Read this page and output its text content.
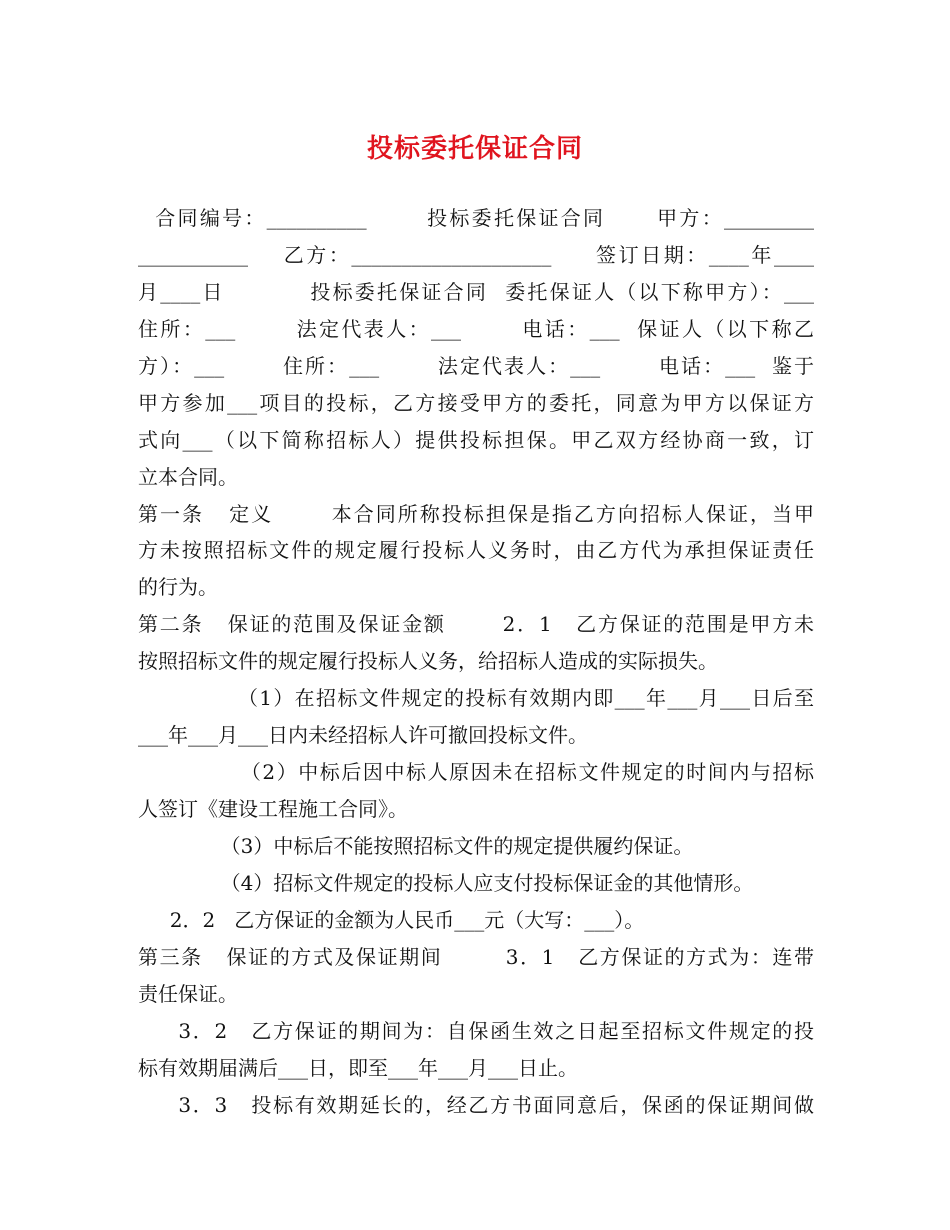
投标委托保证合同
合同编号：__________       投标委托保证合同      甲方：_________
___________    乙方：____________________     签订日期：____年____
月____日          投标委托保证合同  委托保证人（以下称甲方）：___
住所：___       法定代表人：___       电话：___  保证人（以下称乙
方）：___       住所：___       法定代表人：___       电话：___  鉴于
甲方参加___项目的投标，乙方接受甲方的委托，同意为甲方以保证方
式向___（以下简称招标人）提供投标担保。甲乙双方经协商一致，订
立本合同。
第一条   定义       本合同所称投标担保是指乙方向招标人保证，当甲
方未按照招标文件的规定履行投标人义务时，由乙方代为承担保证责任
的行为。
第二条   保证的范围及保证金额       2．1   乙方保证的范围是甲方未
按照招标文件的规定履行投标人义务，给招标人造成的实际损失。
（1）在招标文件规定的投标有效期内即___年___月___日后至
___年___月___日内未经招标人许可撤回投标文件。
（2）中标后因中标人原因未在招标文件规定的时间内与招标
人签订《建设工程施工合同》。
（3）中标后不能按照招标文件的规定提供履约保证。
（4）招标文件规定的投标人应支付投标保证金的其他情形。
2．2   乙方保证的金额为人民币___元（大写：___）。
第三条   保证的方式及保证期间        3．1   乙方保证的方式为：连带
责任保证。
3．2   乙方保证的期间为：自保函生效之日起至招标文件规定的投
标有效期届满后___日，即至___年___月___日止。
3．3   投标有效期延长的，经乙方书面同意后，保函的保证期间做
